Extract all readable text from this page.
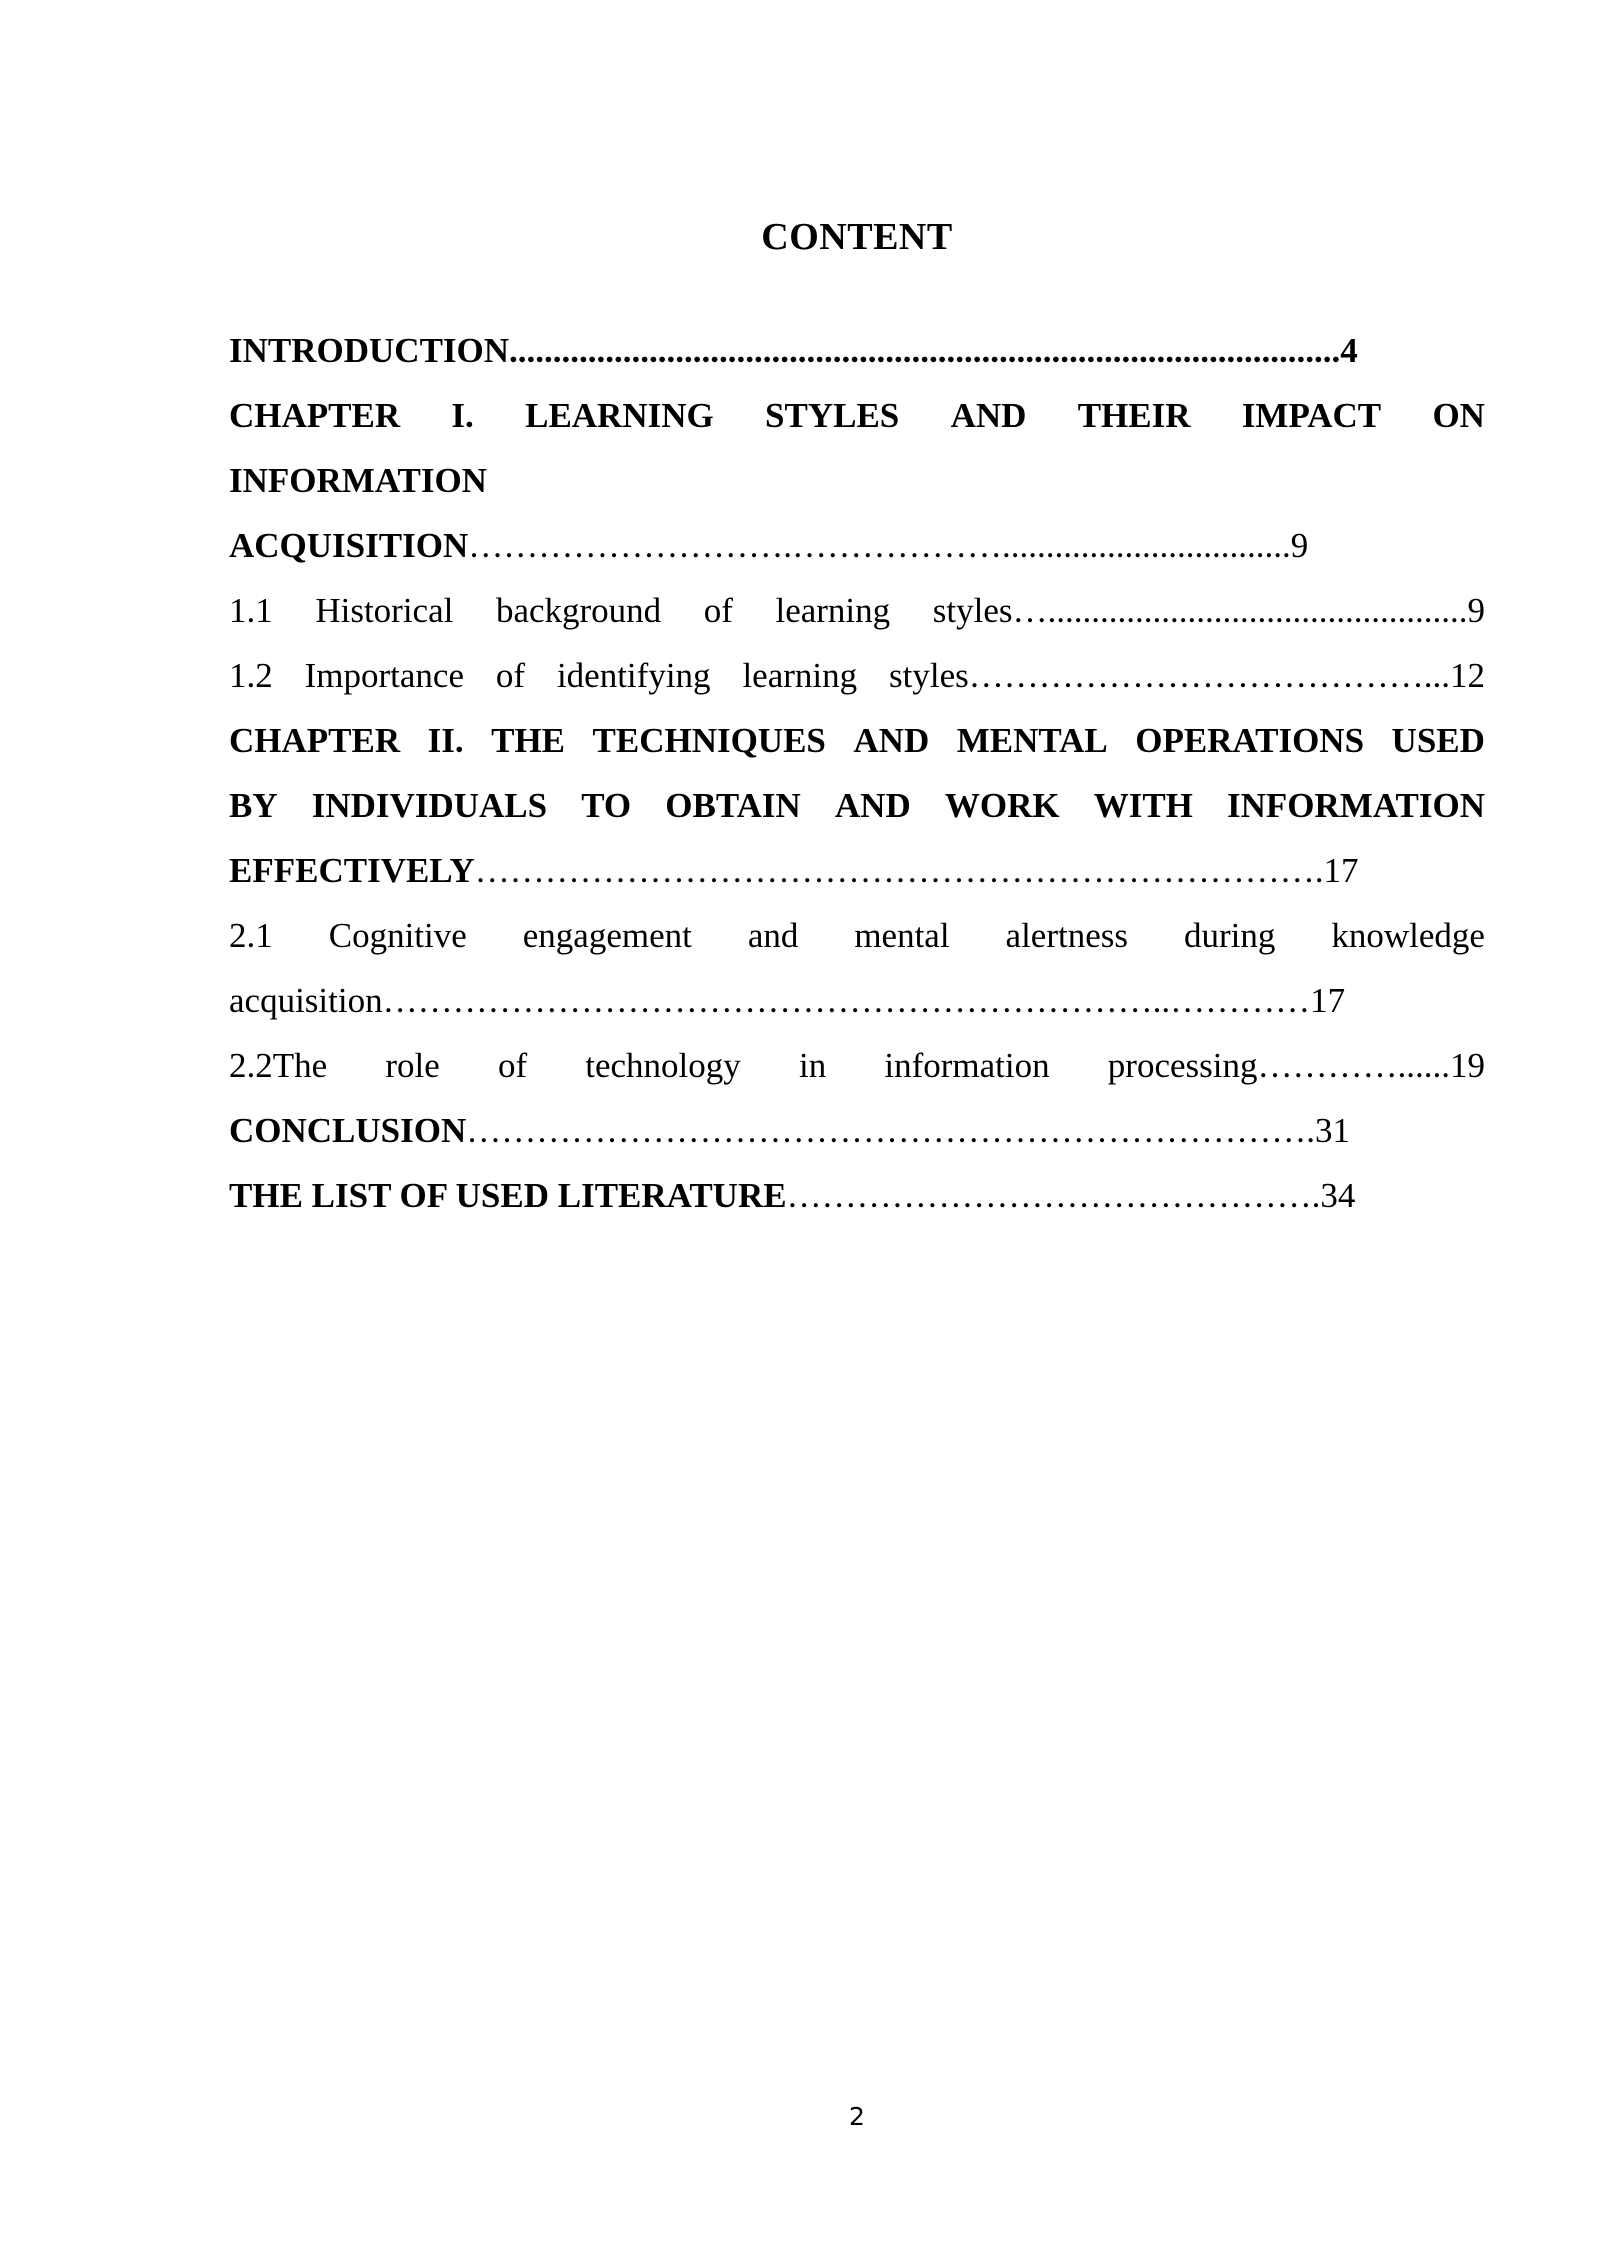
CONTENT
INTRODUCTION...............................................................................................4
CHAPTER I. LEARNING STYLES AND THEIR IMPACT ON
INFORMATION
ACQUISITION……………………….……………….................................9
1.1 Historical background of learning styles…................................................9
1.2 Importance of identifying learning styles…………………………………...12
CHAPTER II. THE TECHNIQUES AND MENTAL OPERATIONS USED
BY INDIVIDUALS TO OBTAIN AND WORK WITH INFORMATION
EFFECTIVELY……………………………………………………………….17
2.1 Cognitive engagement and mental alertness during knowledge
acquisition…………………………………………………………..…………17
2.2The role of technology in information processing…………......19
CONCLUSION……………………………………………………………….31
THE LIST OF USED LITERATURE……………………………………….34
2
